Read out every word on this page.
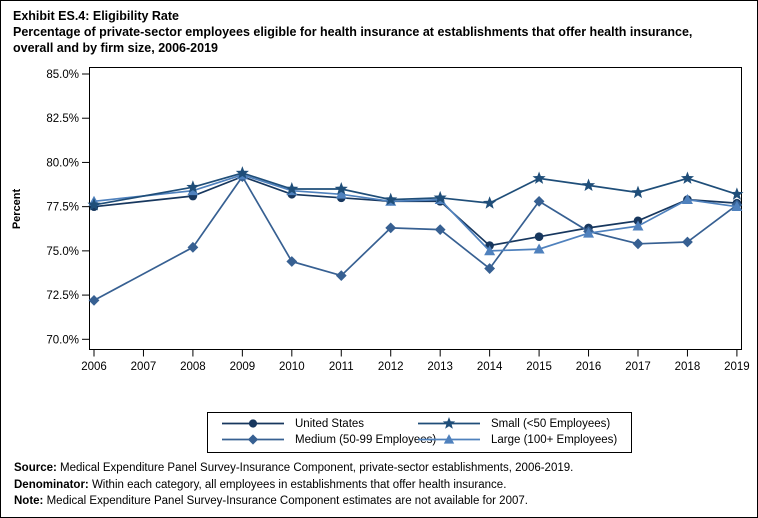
Exhibit ES.4: Eligibility Rate
Percentage of private-sector employees eligible for health insurance at establishments that offer health insurance,
overall and by firm size, 2006-2019
85.0%
82.5%
80.0%
77.5%
75.0%
72.5%
70.0%
Percent
2006 2007 2008 2009 2010 2011 2012 2013 2014 2015 2016 2017 2018 2019
United States	Small (<50 Employees)
Medium (50-99 Employees)	Large (100+ Employees)
Source: Medical Expenditure Panel Survey-Insurance Component, private-sector establishments, 2006-2019.
Denominator: Within each category, all employees in establishments that offer health insurance.
Note: Medical Expenditure Panel Survey-Insurance Component estimates are not available for 2007.
